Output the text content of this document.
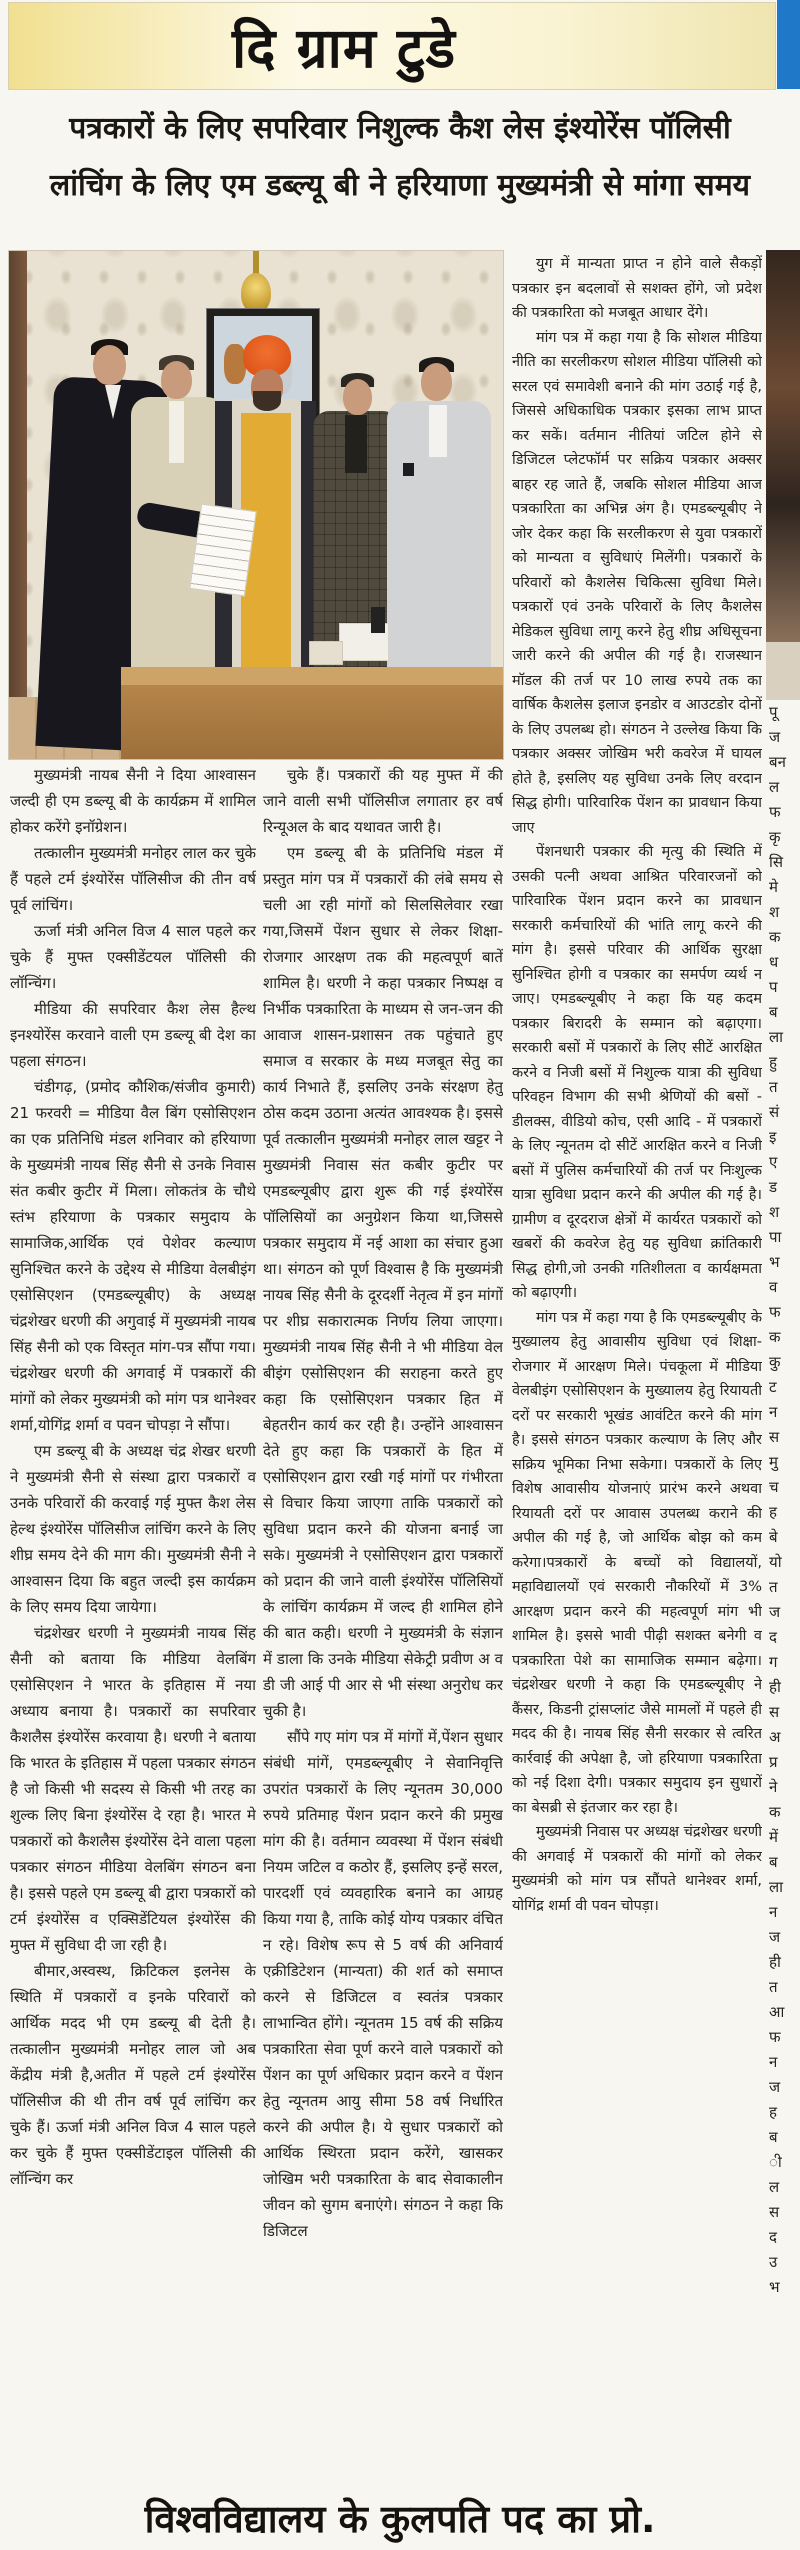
दि ग्राम टुडे
पत्रकारों के लिए सपरिवार निशुल्क कैश लेस इंश्योरेंस पॉलिसी
लांचिंग के लिए एम डब्ल्यू बी ने हरियाणा मुख्यमंत्री से मांगा समय

मुख्यमंत्री नायब सैनी ने दिया आश्वासन जल्दी ही एम डब्ल्यू बी के कार्यक्रम में शामिल होकर करेंगे इनॉग्रेशन।

तत्कालीन मुख्यमंत्री मनोहर लाल कर चुके हैं पहले टर्म इंश्योरेंस पॉलिसीज की तीन वर्ष पूर्व लांचिंग।

ऊर्जा मंत्री अनिल विज 4 साल पहले कर चुके हैं मुफ्त एक्सीडेंटयल पॉलिसी की लॉन्चिंग।

मीडिया की सपरिवार कैश लेस हैल्थ इनश्योरेंस करवाने वाली एम डब्ल्यू बी देश का पहला संगठन।

चंडीगढ़, (प्रमोद कौशिक/संजीव कुमारी) 21 फरवरी = मीडिया वैल बिंग एसोसिएशन का एक प्रतिनिधि मंडल शनिवार को हरियाणा के मुख्यमंत्री नायब सिंह सैनी से उनके निवास संत कबीर कुटीर में मिला। लोकतंत्र के चौथे स्तंभ हरियाणा के पत्रकार समुदाय के सामाजिक,आर्थिक एवं पेशेवर कल्याण सुनिश्चित करने के उद्देश्य से मीडिया वेलबीइंग एसोसिएशन (एमडब्ल्यूबीए) के अध्यक्ष चंद्रशेखर धरणी की अगुवाई में मुख्यमंत्री नायब सिंह सैनी को एक विस्तृत मांग-पत्र सौंपा गया। चंद्रशेखर धरणी की अगवाई में पत्रकारों की मांगों को लेकर मुख्यमंत्री को मांग पत्र थानेश्वर शर्मा,योगिंद्र शर्मा व पवन चोपड़ा ने सौंपा।

एम डब्ल्यू बी के अध्यक्ष चंद्र शेखर धरणी ने मुख्यमंत्री सैनी से संस्था द्वारा पत्रकारों व उनके परिवारों की करवाई गई मुफ्त कैश लेस हेल्थ इंश्योरेंस पॉलिसीज लांचिंग करने के लिए शीघ्र समय देने की माग की। मुख्यमंत्री सैनी ने आश्वासन दिया कि बहुत जल्दी इस कार्यक्रम के लिए समय दिया जायेगा।

चंद्रशेखर धरणी ने मुख्यमंत्री नायब सिंह सैनी को बताया कि मीडिया वेलबिंग एसोसिएशन ने भारत के इतिहास में नया अध्याय बनाया है। पत्रकारों का सपरिवार कैशलैस इंश्योरेंस करवाया है। धरणी ने बताया कि भारत के इतिहास में पहला पत्रकार संगठन है जो किसी भी सदस्य से किसी भी तरह का शुल्क लिए बिना इंश्योरेंस दे रहा है। भारत मे पत्रकारों को कैशलैस इंश्योरेंस देने वाला पहला पत्रकार संगठन मीडिया वेलबिंग संगठन बना है। इससे पहले एम डब्ल्यू बी द्वारा पत्रकारों को टर्म इंश्योरेंस व एक्सिडेंटियल इंश्योरेंस की मुफ्त में सुविधा दी जा रही है।

बीमार,अस्वस्थ, क्रिटिकल इलनेस के स्थिति में पत्रकारों व इनके परिवारों को आर्थिक मदद भी एम डब्ल्यू बी देती है। तत्कालीन मुख्यमंत्री मनोहर लाल जो अब केंद्रीय मंत्री है,अतीत में पहले टर्म इंश्योरेंस पॉलिसीज की थी तीन वर्ष पूर्व लांचिंग कर चुके हैं। ऊर्जा मंत्री अनिल विज 4 साल पहले कर चुके हैं मुफ्त एक्सीडेंटाइल पॉलिसी की लॉन्चिंग कर

चुके हैं। पत्रकारों की यह मुफ्त में की जाने वाली सभी पॉलिसीज लगातार हर वर्ष रिन्यूअल के बाद यथावत जारी है।

एम डब्ल्यू बी के प्रतिनिधि मंडल में प्रस्तुत मांग पत्र में पत्रकारों की लंबे समय से चली आ रही मांगों को सिलसिलेवार रखा गया,जिसमें पेंशन सुधार से लेकर शिक्षा-रोजगार आरक्षण तक की महत्वपूर्ण बातें शामिल है। धरणी ने कहा पत्रकार निष्पक्ष व निर्भीक पत्रकारिता के माध्यम से जन-जन की आवाज शासन-प्रशासन तक पहुंचाते हुए समाज व सरकार के मध्य मजबूत सेतु का कार्य निभाते हैं, इसलिए उनके संरक्षण हेतु ठोस कदम उठाना अत्यंत आवश्यक है। इससे पूर्व तत्कालीन मुख्यमंत्री मनोहर लाल खट्टर ने मुख्यमंत्री निवास संत कबीर कुटीर पर एमडब्ल्यूबीए द्वारा शुरू की गई इंश्योरेंस पॉलिसियों का अनुग्रेशन किया था,जिससे पत्रकार समुदाय में नई आशा का संचार हुआ था। संगठन को पूर्ण विश्वास है कि मुख्यमंत्री नायब सिंह सैनी के दूरदर्शी नेतृत्व में इन मांगों पर शीघ्र सकारात्मक निर्णय लिया जाएगा। मुख्यमंत्री नायब सिंह सैनी ने भी मीडिया वेल बीइंग एसोसिएशन की सराहना करते हुए कहा कि एसोसिएशन पत्रकार हित में बेहतरीन कार्य कर रही है। उन्होंने आश्वासन देते हुए कहा कि पत्रकारों के हित में एसोसिएशन द्वारा रखी गई मांगों पर गंभीरता से विचार किया जाएगा ताकि पत्रकारों को सुविधा प्रदान करने की योजना बनाई जा सके। मुख्यमंत्री ने एसोसिएशन द्वारा पत्रकारों को प्रदान की जाने वाली इंश्योरेंस पॉलिसियों के लांचिंग कार्यक्रम में जल्द ही शामिल होने की बात कही। धरणी ने मुख्यमंत्री के संज्ञान में डाला कि उनके मीडिया सेकेट्री प्रवीण अ व डी जी आई पी आर से भी संस्था अनुरोध कर चुकी है।

सौंपे गए मांग पत्र में मांगों में,पेंशन सुधार संबंधी मांगें, एमडब्ल्यूबीए ने सेवानिवृत्ति उपरांत पत्रकारों के लिए न्यूनतम 30,000 रुपये प्रतिमाह पेंशन प्रदान करने की प्रमुख मांग की है। वर्तमान व्यवस्था में पेंशन संबंधी नियम जटिल व कठोर हैं, इसलिए इन्हें सरल, पारदर्शी एवं व्यवहारिक बनाने का आग्रह किया गया है, ताकि कोई योग्य पत्रकार वंचित न रहे। विशेष रूप से 5 वर्ष की अनिवार्य एक्रीडिटेशन (मान्यता) की शर्त को समाप्त करने से डिजिटल व स्वतंत्र पत्रकार लाभान्वित होंगे। न्यूनतम 15 वर्ष की सक्रिय पत्रकारिता सेवा पूर्ण करने वाले पत्रकारों को पेंशन का पूर्ण अधिकार प्रदान करने व पेंशन हेतु न्यूनतम आयु सीमा 58 वर्ष निर्धारित करने की अपील है। ये सुधार पत्रकारों को आर्थिक स्थिरता प्रदान करेंगे, खासकर जोखिम भरी पत्रकारिता के बाद सेवाकालीन जीवन को सुगम बनाएंगे। संगठन ने कहा कि डिजिटल

युग में मान्यता प्राप्त न होने वाले सैकड़ों पत्रकार इन बदलावों से सशक्त होंगे, जो प्रदेश की पत्रकारिता को मजबूत आधार देंगे।

मांग पत्र में कहा गया है कि सोशल मीडिया नीति का सरलीकरण सोशल मीडिया पॉलिसी को सरल एवं समावेशी बनाने की मांग उठाई गई है, जिससे अधिकाधिक पत्रकार इसका लाभ प्राप्त कर सकें। वर्तमान नीतियां जटिल होने से डिजिटल प्लेटफॉर्म पर सक्रिय पत्रकार अक्सर बाहर रह जाते हैं, जबकि सोशल मीडिया आज पत्रकारिता का अभिन्न अंग है। एमडब्ल्यूबीए ने जोर देकर कहा कि सरलीकरण से युवा पत्रकारों को मान्यता व सुविधाएं मिलेंगी। पत्रकारों के परिवारों को कैशलेस चिकित्सा सुविधा मिले।पत्रकारों एवं उनके परिवारों के लिए कैशलेस मेडिकल सुविधा लागू करने हेतु शीघ्र अधिसूचना जारी करने की अपील की गई है। राजस्थान मॉडल की तर्ज पर 10 लाख रुपये तक का वार्षिक कैशलेस इलाज इनडोर व आउटडोर दोनों के लिए उपलब्ध हो। संगठन ने उल्लेख किया कि पत्रकार अक्सर जोखिम भरी कवरेज में घायल होते है, इसलिए यह सुविधा उनके लिए वरदान सिद्ध होगी। पारिवारिक पेंशन का प्रावधान किया जाए

पेंशनधारी पत्रकार की मृत्यु की स्थिति में उसकी पत्नी अथवा आश्रित परिवारजनों को पारिवारिक पेंशन प्रदान करने का प्रावधान सरकारी कर्मचारियों की भांति लागू करने की मांग है। इससे परिवार की आर्थिक सुरक्षा सुनिश्चित होगी व पत्रकार का समर्पण व्यर्थ न जाए। एमडब्ल्यूबीए ने कहा कि यह कदम पत्रकार बिरादरी के सम्मान को बढ़ाएगा। सरकारी बसों में पत्रकारों के लिए सीटें आरक्षित करने व निजी बसों में निशुल्क यात्रा की सुविधा परिवहन विभाग की सभी श्रेणियों की बसों - डीलक्स, वीडियो कोच, एसी आदि - में पत्रकारों के लिए न्यूनतम दो सीटें आरक्षित करने व निजी बसों में पुलिस कर्मचारियों की तर्ज पर निःशुल्क यात्रा सुविधा प्रदान करने की अपील की गई है। ग्रामीण व दूरदराज क्षेत्रों में कार्यरत पत्रकारों को खबरों की कवरेज हेतु यह सुविधा क्रांतिकारी सिद्ध होगी,जो उनकी गतिशीलता व कार्यक्षमता को बढ़ाएगी।

मांग पत्र में कहा गया है कि एमडब्ल्यूबीए के मुख्यालय हेतु आवासीय सुविधा एवं शिक्षा- रोजगार में आरक्षण मिले। पंचकूला में मीडिया वेलबीइंग एसोसिएशन के मुख्यालय हेतु रियायती दरों पर सरकारी भूखंड आवंटित करने की मांग है। इससे संगठन पत्रकार कल्याण के लिए और सक्रिय भूमिका निभा सकेगा। पत्रकारों के लिए विशेष आवासीय योजनाएं प्रारंभ करने अथवा रियायती दरों पर आवास उपलब्ध कराने की अपील की गई है, जो आर्थिक बोझ को कम करेगा।पत्रकारों के बच्चों को विद्यालयों, महाविद्यालयों एवं सरकारी नौकरियों में 3% आरक्षण प्रदान करने की महत्वपूर्ण मांग भी शामिल है। इससे भावी पीढ़ी सशक्त बनेगी व पत्रकारिता पेशे का सामाजिक सम्मान बढ़ेगा। चंद्रशेखर धरणी ने कहा कि एमडब्ल्यूबीए ने कैंसर, किडनी ट्रांसप्लांट जैसे मामलों में पहले ही मदद की है। नायब सिंह सैनी सरकार से त्वरित कार्रवाई की अपेक्षा है, जो हरियाणा पत्रकारिता को नई दिशा देगी। पत्रकार समुदाय इन सुधारों का बेसब्री से इंतजार कर रहा है।

मुख्यमंत्री निवास पर अध्यक्ष चंद्रशेखर धरणी की अगवाई में पत्रकारों की मांगों को लेकर मुख्यमंत्री को मांग पत्र सौंपते थानेश्वर शर्मा, योगिंद्र शर्मा वी पवन चोपड़ा।

पू
ज
बन
ल
फ
कृ
सि
मे
श
क
ध
प
ब
ला
हु
त
सं
इ
ए
ड
श
पा
भ
व
फ
क
कु
ट
न
स
मु
च
ह
बे
यो
त
ज
द
ग
ही
स
अ
प्र
ने
क
में
ब
ला
न
ज
ही
त
आ
फ
न
ज
ह
ब
ी
ल
स
द
उ
भ
विश्वविद्यालय के कुलपति पद का प्रो.
